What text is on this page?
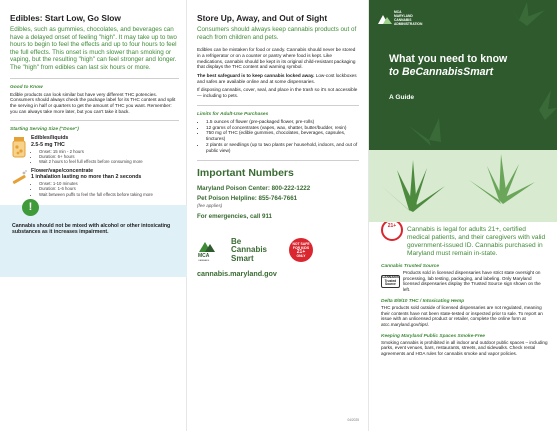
Edibles: Start Low, Go Slow

Edibles, such as gummies, chocolates, and beverages can have a delayed onset of feeling "high". It may take up to two hours to begin to feel the effects and up to four hours to feel the full effects. This onset is much slower than smoking or vaping, but the resulting "high" can feel stronger and longer. The "high" from edibles can last six hours or more.

Good to Know

Edible products can look similar but have very different THC potencies. Consumers should always check the package label for its THC content and split the serving in half or quarters to get the amount of THC you want. Remember: you can always take more later, but you can't take it back.

Starting Serving Size ("Dose")
Edibles/liquids
2.5-5 mg THC
• Onset: 15 min - 2 hours
• Duration: 6+ hours
• Wait 2 hours to feel full effects before consuming more
Flower/vape/concentrate
1 inhalation lasting no more than 2 seconds
• Onset: 1-10 minutes
• Duration: 1-6 hours
• Wait between puffs to feel the full effects before taking more
!
Cannabis should not be mixed with alcohol or other intoxicating substances as it increases impairment.
Store Up, Away, and Out of Sight

Consumers should always keep cannabis products out of reach from children and pets.

Edibles can be mistaken for food or candy. Cannabis should never be stored in a refrigerator or on a counter or pantry where food is kept. Like medications, cannabis should be kept in its original child-resistant packaging that displays the THC content and warning symbol.

The best safeguard is to keep cannabis locked away. Low-cost lockboxes and safes are available online and at some dispensaries.

If disposing cannabis, cover, seal, and place in the trash so it's not accessible — including to pets.

Limits for Adult-Use Purchases
• 1.5 ounces of flower (pre-packaged flower, pre-rolls)
• 12 grams of concentrates (vapes, wax, shatter, butter/budder, resin)
• 750 mg of THC (edible gummies, chocolates, beverages, capsules, tinctures)
• 2 plants or seedlings (up to two plants per household, indoors, and out of public view)
Important Numbers
Maryland Poison Center: 800-222-1222
Pet Poison Helpline: 855-764-7661
(fee applies)
For emergencies, call 911
MCA
CANNABIS
Be
Cannabis
Smart
NOT SAFE
FOR KIDS
21+
ONLY
cannabis.maryland.gov
04/2025
MCA
MARYLAND
CANNABIS
ADMINISTRATION
What you need to know
to BeCannabisSmart
A Guide
21+	Cannabis is legal for adults 21+, certified medical patients, and their caregivers with valid government-issued ID. Cannabis purchased in Maryland must remain in-state.
Cannabis Trusted Source
CANNABIS
Trusted Source
Products sold in licensed dispensaries have strict state oversight on processing, lab testing, packaging, and labeling. Only Maryland licensed dispensaries display the Trusted Source sign shown on the left.
Delta 8/9/10 THC / Intoxicating Hemp

THC products sold outside of licensed dispensaries are not regulated, meaning their contents have not been state-tested or inspected prior to sale. To report an issue with an unlicensed product or retailer, complete the online form at atcc.maryland.gov/tips/.

Keeping Maryland Public Spaces Smoke-Free

Smoking cannabis is prohibited in all indoor and outdoor public spaces – including parks, event venues, bars, restaurants, streets, and sidewalks. Check rental agreements and HOA rules for cannabis smoke and vapor policies.
